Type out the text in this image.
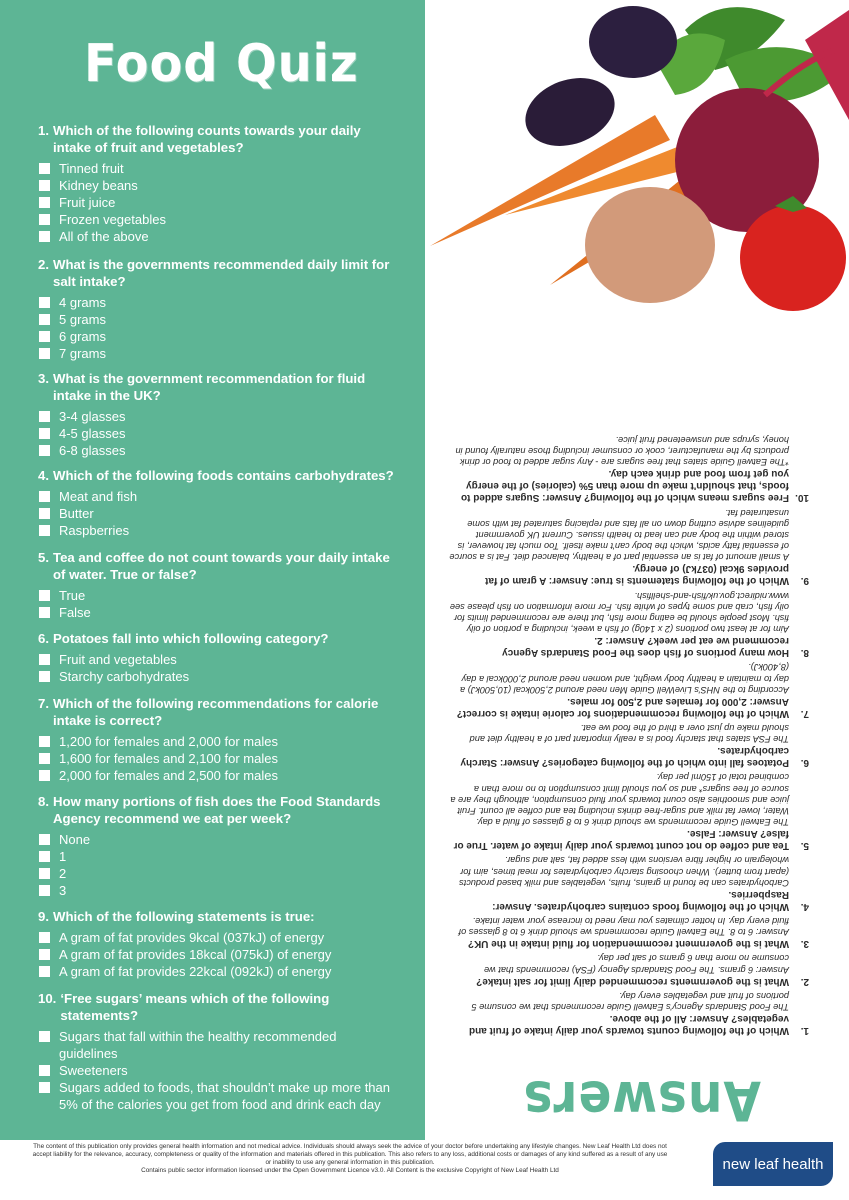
Food Quiz
1. Which of the following counts towards your daily intake of fruit and vegetables?
Tinned fruit
Kidney beans
Fruit juice
Frozen vegetables
All of the above
2. What is the governments recommended daily limit for salt intake?
4 grams
5 grams
6 grams
7 grams
3. What is the government recommendation for fluid intake in the UK?
3-4 glasses
4-5 glasses
6-8 glasses
4. Which of the following foods contains carbohydrates?
Meat and fish
Butter
Raspberries
5. Tea and coffee do not count towards your daily intake of water. True or false?
True
False
6. Potatoes fall into which following category?
Fruit and vegetables
Starchy carbohydrates
7. Which of the following recommendations for calorie intake is correct?
1,200 for females and 2,000 for males
1,600 for females and 2,100 for males
2,000 for females and 2,500 for males
8. How many portions of fish does the Food Standards Agency recommend we eat per week?
None
1
2
3
9. Which of the following statements is true:
A gram of fat provides 9kcal (037kJ) of energy
A gram of fat provides 18kcal (075kJ) of energy
A gram of fat provides 22kcal (092kJ) of energy
10. ‘Free sugars’ means which of the following statements?
Sugars that fall within the healthy recommended guidelines
Sweeteners
Sugars added to foods, that shouldn’t make up more than 5% of the calories you get from food and drink each day	Answers
1.
Which of the following counts towards your daily intake of fruit and vegetables? Answer: All of the above.
The Food Standards Agency's Eatwell Guide recommends that we consume 5 portions of fruit and vegetables every day.
2.
What is the governments recommended daily limit for salt intake?
Answer: 6 grams. The Food Standards Agency (FSA) recommends that we consume no more than 6 grams of salt per day.
3.
What is the government recommendation for fluid intake in the UK?
Answer: 6 to 8. The Eatwell Guide recommends we should drink 6 to 8 glasses of fluid every day. In hotter climates you may need to increase your water intake.
4.
Which of the following foods contains carbohydrates. Answer: Raspberries.
Carbohydrates can be found in grains, fruits, vegetables and milk based products (apart from butter). When choosing starchy carbohydrates for meal times, aim for wholegrain or higher fibre versions with less added fat, salt and sugar.
5.
Tea and coffee do not count towards your daily intake of water. True or false? Answer: False.
The Eatwell Guide recommends we should drink 6 to 8 glasses of fluid a day. Water, lower fat milk and sugar-free drinks including tea and coffee all count. Fruit juice and smoothies also count towards your fluid consumption, although they are a source of free sugars* and so you should limit consumption to no more than a combined total of 150ml per day.
6.
Potatoes fall into which of the following categories? Answer: Starchy carbohydrates.
The FSA states that starchy food is a really important part of a healthy diet and should make up just over a third of the food we eat.
7.
Which of the following recommendations for calorie intake is correct? Answer: 2,000 for females and 2,500 for males.
According to the NHS's LiveWell Guide Men need around 2,500kcal (10,500kJ) a day to maintain a healthy body weight, and women need around 2,000kcal a day (8,400kJ).
8.
How many portions of fish does the Food Standards Agency recommend we eat per week? Answer: 2.
Aim for at least two portions (2 x 140g) of fish a week, including a portion of oily fish. Most people should be eating more fish, but there are recommended limits for oily fish, crab and some types of white fish. For more information on fish please see www.nidirect.gov.uk/fish-and-shellfish.
9.
Which of the following statements is true: Answer: A gram of fat provides 9kcal (037kJ) of energy.
A small amount of fat is an essential part of a healthy, balanced diet. Fat is a source of essential fatty acids, which the body can't make itself. Too much fat however, is stored within the body and can lead to health issues. Current UK government guidelines advise cutting down on all fats and replacing saturated fat with some unsaturated fat.
10.
Free sugars means which of the following? Answer: Sugars added to foods, that shouldn't make up more than 5% (calories) of the energy you get from food and drink each day.
*The Eatwell Guide states that free sugars are - Any sugar added to food or drink products by the manufacturer, cook or consumer including those naturally found in honey, syrups and unsweetened fruit juice.
The content of this publication only provides general health information and not medical advice. Individuals should always seek the advice of your doctor before undertaking any lifestyle changes. New Leaf Health Ltd does not accept liability for the relevance, accuracy, completeness or quality of the information and materials offered in this publication. This also refers to any loss, additional costs or damages of any kind suffered as a result of any use or inability to use any general information in this publication.
Contains public sector information licensed under the Open Government Licence v3.0. All Content is the exclusive Copyright of New Leaf Health Ltd	new leaf health
